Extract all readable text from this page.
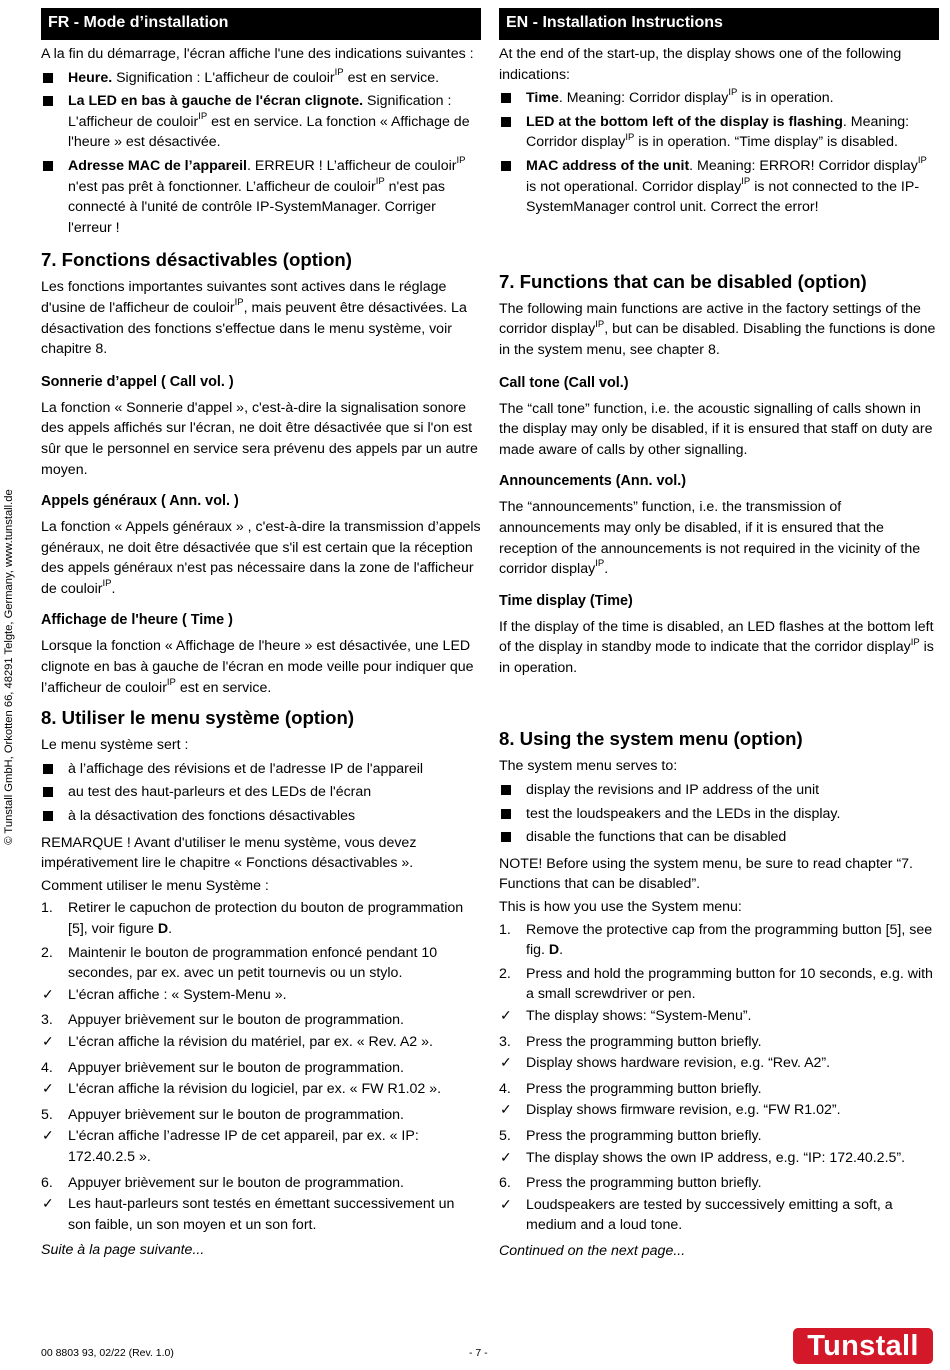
FR - Mode d’installation

A la fin du démarrage, l'écran affiche l'une des indications suivantes :

Heure. Signification : L'afficheur de couloir$^{IP}$ est en service.
La LED en bas à gauche de l'écran clignote. Signification : L'afficheur de couloir$^{IP}$ est en service. La fonction « Affichage de l'heure » est désactivée.
Adresse MAC de l’appareil. ERREUR ! L’afficheur de couloir$^{IP}$ n'est pas prêt à fonctionner. L’afficheur de couloir$^{IP}$ n'est pas connecté à l'unité de contrôle IP-SystemManager. Corriger l'erreur !

7. Fonctions désactivables (option)

Les fonctions importantes suivantes sont actives dans le réglage d'usine de l'afficheur de couloir$^{IP}$, mais peuvent être désactivées. La désactivation des fonctions s'effectue dans le menu système, voir chapitre 8.

Sonnerie d’appel ( Call vol. )

La fonction « Sonnerie d'appel », c'est-à-dire la signalisation sonore des appels affichés sur l'écran, ne doit être désactivée que si l'on est sûr que le personnel en service sera prévenu des appels par un autre moyen.

Appels généraux ( Ann. vol. )

La fonction « Appels généraux » , c'est-à-dire la transmission d’appels généraux, ne doit être désactivée que s'il est certain que la réception des appels généraux n'est pas nécessaire dans la zone de l'afficheur de couloir$^{IP}$.

Affichage de l'heure ( Time )

Lorsque la fonction « Affichage de l'heure » est désactivée, une LED clignote en bas à gauche de l'écran en mode veille pour indiquer que l’afficheur de couloir$^{IP}$ est en service.

8. Utiliser le menu système (option)

Le menu système sert :

à l’affichage des révisions et de l'adresse IP de l'appareil
au test des haut-parleurs et des LEDs de l'écran
à la désactivation des fonctions désactivables

REMARQUE ! Avant d'utiliser le menu système, vous devez impérativement lire le chapitre « Fonctions désactivables ».

Comment utiliser le menu Système :

1. Retirer le capuchon de protection du bouton de programmation [5], voir figure D.
2. Maintenir le bouton de programmation enfoncé pendant 10 secondes, par ex. avec un petit tournevis ou un stylo.
✓ L'écran affiche : « System-Menu ».
3. Appuyer brièvement sur le bouton de programmation.
✓ L'écran affiche la révision du matériel, par ex. « Rev. A2 ».
4. Appuyer brièvement sur le bouton de programmation.
✓ L'écran affiche la révision du logiciel, par ex. « FW R1.02 ».
5. Appuyer brièvement sur le bouton de programmation.
✓ L'écran affiche l’adresse IP de cet appareil, par ex. « IP: 172.40.2.5 ».
6. Appuyer brièvement sur le bouton de programmation.
✓ Les haut-parleurs sont testés en émettant successivement un son faible, un son moyen et un son fort.

Suite à la page suivante...

EN - Installation Instructions

At the end of the start-up, the display shows one of the following indications:

Time. Meaning: Corridor display$^{IP}$ is in operation.
LED at the bottom left of the display is flashing. Meaning: Corridor display$^{IP}$ is in operation. “Time display” is disabled.
MAC address of the unit. Meaning: ERROR! Corridor display$^{IP}$ is not operational. Corridor display$^{IP}$ is not connected to the IP-SystemManager control unit. Correct the error!

7. Functions that can be disabled (option)

The following main functions are active in the factory settings of the corridor display$^{IP}$, but can be disabled. Disabling the functions is done in the system menu, see chapter 8.

Call tone (Call vol.)

The “call tone” function, i.e. the acoustic signalling of calls shown in the display may only be disabled, if it is ensured that staff on duty are made aware of calls by other signalling.

Announcements (Ann. vol.)

The “announcements” function, i.e. the transmission of announcements may only be disabled, if it is ensured that the reception of the announcements is not required in the vicinity of the corridor display$^{IP}$.

Time display (Time)

If the display of the time is disabled, an LED flashes at the bottom left of the display in standby mode to indicate that the corridor display$^{IP}$ is in operation.

8. Using the system menu (option)

The system menu serves to:

display the revisions and IP address of the unit
test the loudspeakers and the LEDs in the display.
disable the functions that can be disabled

NOTE! Before using the system menu, be sure to read chapter “7. Functions that can be disabled”.

This is how you use the System menu:

1. Remove the protective cap from the programming button [5], see fig. D.
2. Press and hold the programming button for 10 seconds, e.g. with a small screwdriver or pen.
✓ The display shows: “System-Menu”.
3. Press the programming button briefly.
✓ Display shows hardware revision, e.g. “Rev. A2”.
4. Press the programming button briefly.
✓ Display shows firmware revision, e.g. “FW R1.02”.
5. Press the programming button briefly.
✓ The display shows the own IP address, e.g. “IP: 172.40.2.5”.
6. Press the programming button briefly.
✓ Loudspeakers are tested by successively emitting a soft, a medium and a loud tone.

Continued on the next page...

© Tunstall GmbH, Orkotten 66, 48291 Telgte, Germany, www.tunstall.de
00 8803 93, 02/22 (Rev. 1.0)	- 7 -	Tunstall
